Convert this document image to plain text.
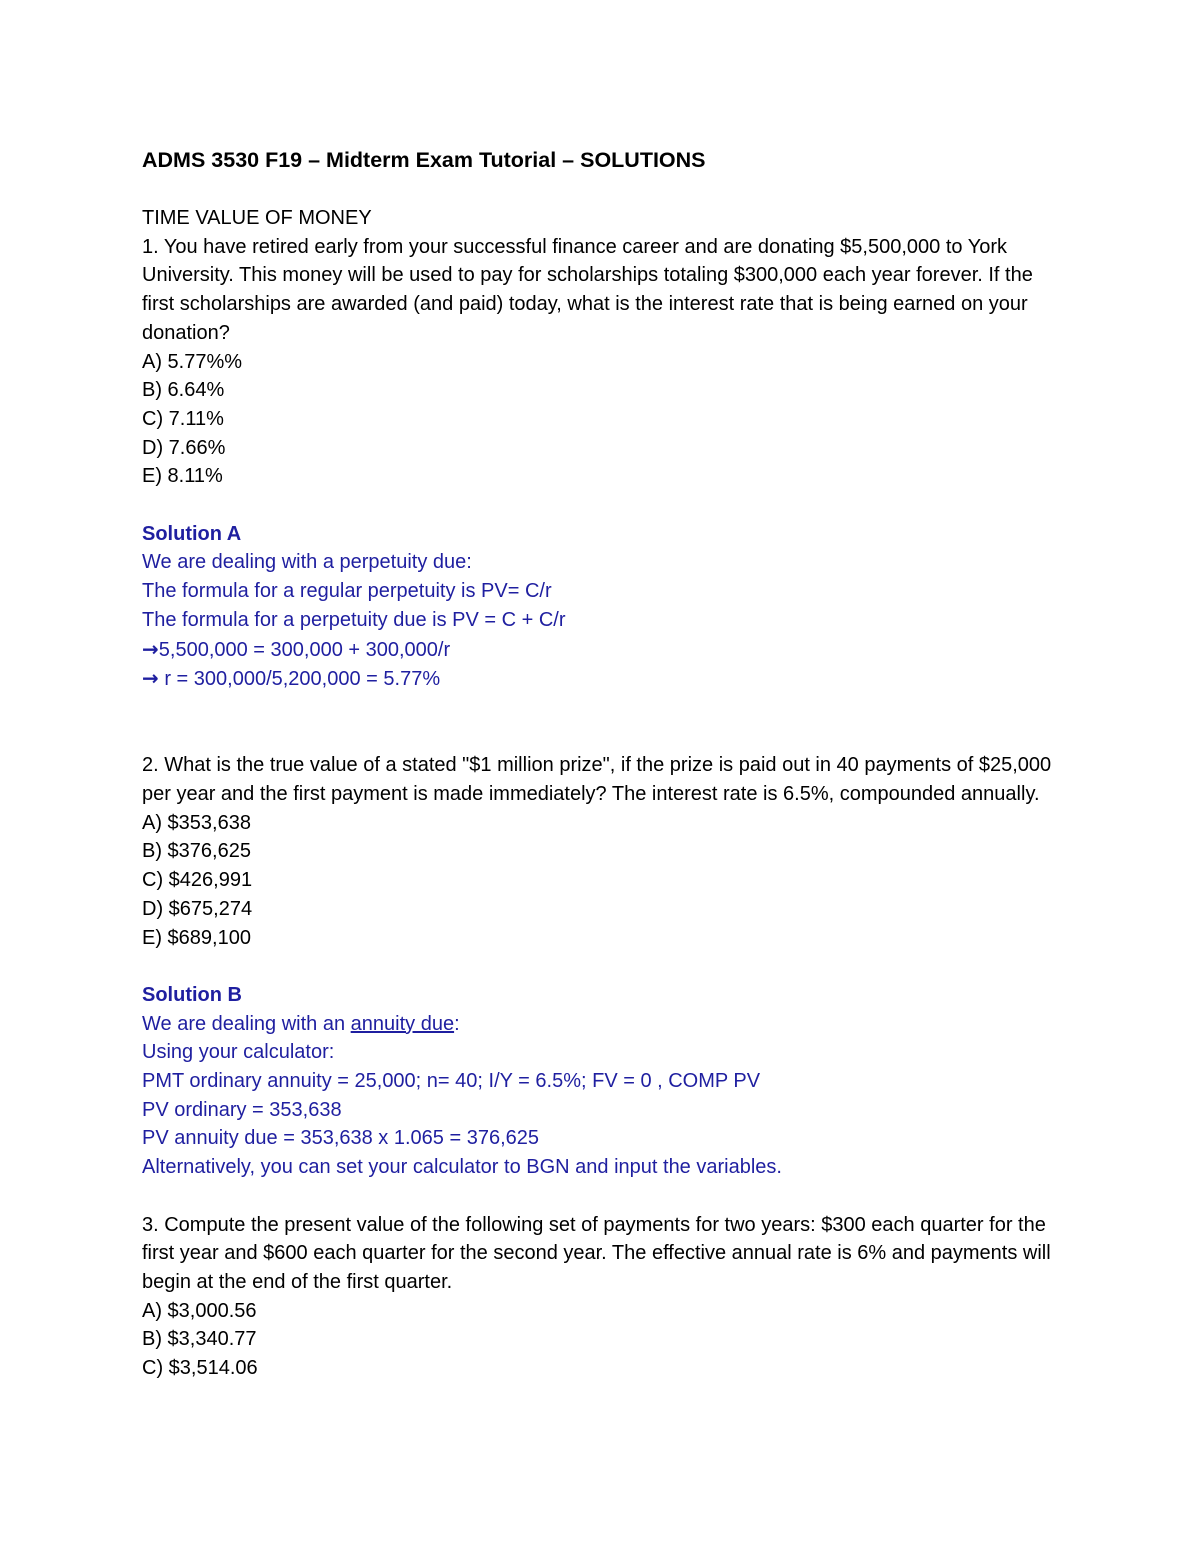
ADMS 3530 F19 – Midterm Exam Tutorial – SOLUTIONS

TIME VALUE OF MONEY

1. You have retired early from your successful finance career and are donating $5,500,000 to York University. This money will be used to pay for scholarships totaling $300,000 each year forever. If the first scholarships are awarded (and paid) today, what is the interest rate that is being earned on your donation?

A) 5.77%%

B) 6.64%

C) 7.11%

D) 7.66%

E) 8.11%

Solution A

We are dealing with a perpetuity due:

The formula for a regular perpetuity is PV= C/r

The formula for a perpetuity due is PV = C + C/r

→5,500,000 = 300,000 + 300,000/r

→ r = 300,000/5,200,000 = 5.77%

2. What is the true value of a stated "$1 million prize", if the prize is paid out in 40 payments of $25,000 per year and the first payment is made immediately? The interest rate is 6.5%, compounded annually.

A) $353,638

B) $376,625

C) $426,991

D) $675,274

E) $689,100

Solution B

We are dealing with an annuity due:

Using your calculator:

PMT ordinary annuity = 25,000; n= 40; I/Y = 6.5%; FV = 0 , COMP PV

PV ordinary = 353,638

PV annuity due = 353,638 x 1.065 = 376,625

Alternatively, you can set your calculator to BGN and input the variables.

3. Compute the present value of the following set of payments for two years: $300 each quarter for the first year and $600 each quarter for the second year. The effective annual rate is 6% and payments will begin at the end of the first quarter.

A) $3,000.56

B) $3,340.77

C) $3,514.06
